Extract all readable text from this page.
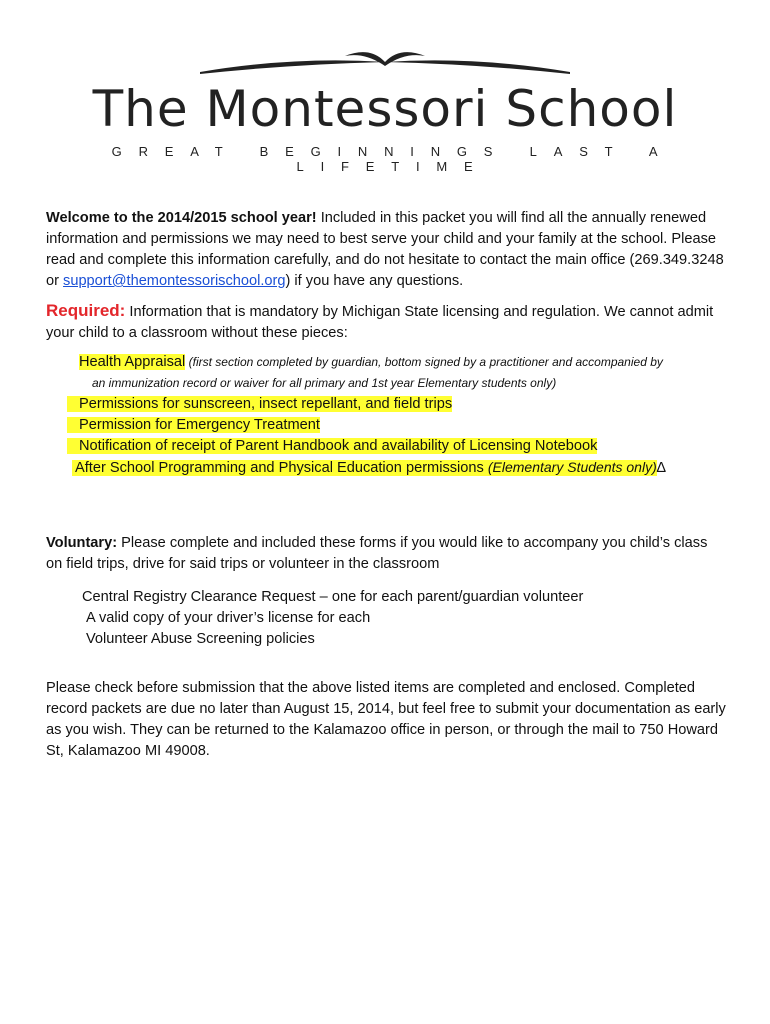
The Montessori School
GREAT BEGINNINGS LAST A LIFETIME

Welcome to the 2014/2015 school year! Included in this packet you will find all the annually renewed information and permissions we may need to best serve your child and your family at the school. Please read and complete this information carefully, and do not hesitate to contact the main office (269.349.3248 or support@themontessorischool.org) if you have any questions.

Required: Information that is mandatory by Michigan State licensing and regulation. We cannot admit your child to a classroom without these pieces:

Health Appraisal (first section completed by guardian, bottom signed by a practitioner and accompanied by
an immunization record or waiver for all primary and 1st year Elementary students only)
Permissions for sunscreen, insect repellant, and field trips
Permission for Emergency Treatment
Notification of receipt of Parent Handbook and availability of Licensing Notebook
After School Programming and Physical Education permissions (Elementary Students only)∆

Voluntary: Please complete and included these forms if you would like to accompany you child’s class on field trips, drive for said trips or volunteer in the classroom

Central Registry Clearance Request – one for each parent/guardian volunteer
A valid copy of your driver’s license for each
Volunteer Abuse Screening policies

Please check before submission that the above listed items are completed and enclosed. Completed record packets are due no later than August 15, 2014, but feel free to submit your documentation as early as you wish. They can be returned to the Kalamazoo office in person, or through the mail to 750 Howard St, Kalamazoo MI 49008.
